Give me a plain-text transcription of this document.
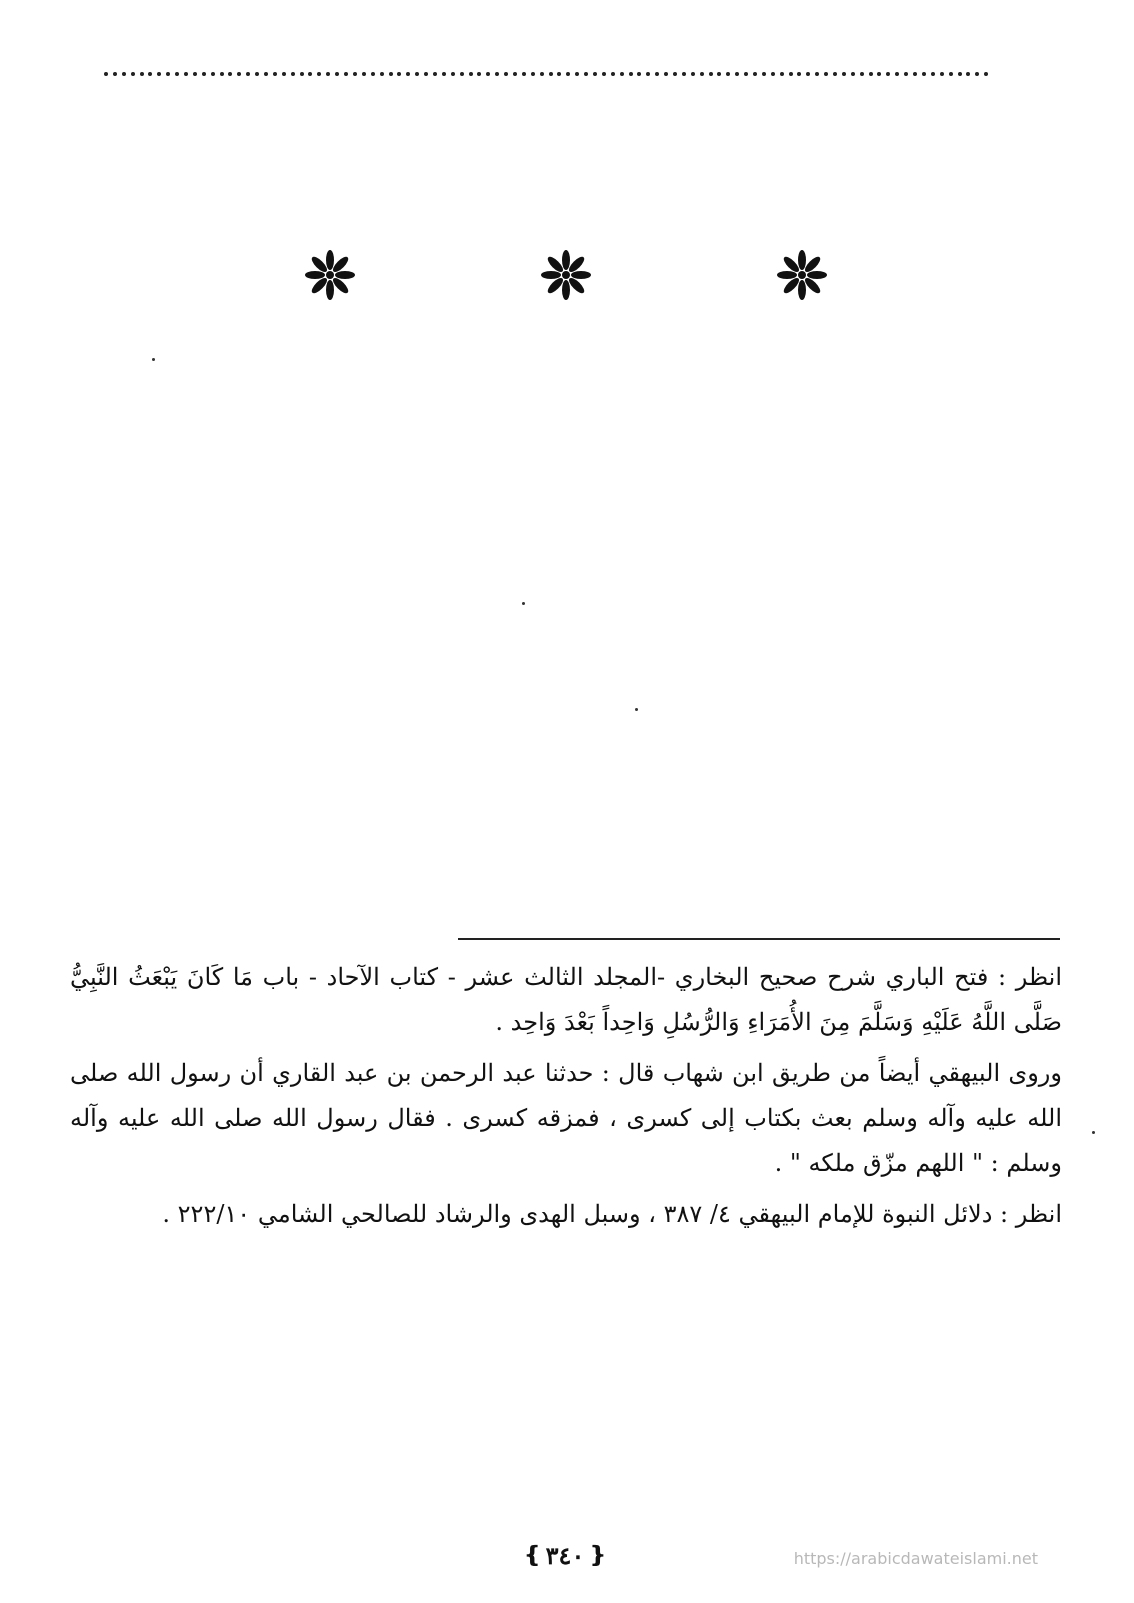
انظر : فتح الباري شرح صحيح البخاري -المجلد الثالث عشر - كتاب الآحاد - باب مَا كَانَ يَبْعَثُ النَّبِيُّ صَلَّى اللَّهُ عَلَيْهِ وَسَلَّمَ مِنَ الأُمَرَاءِ وَالرُّسُلِ وَاحِداً بَعْدَ وَاحِد .

وروى البيهقي أيضاً من طريق ابن شهاب قال : حدثنا عبد الرحمن بن عبد القاري أن رسول الله صلى الله عليه وآله وسلم بعث بكتاب إلى كسرى ، فمزقه كسرى . فقال رسول الله صلى الله عليه وآله وسلم : " اللهم مزّق ملكه " .

انظر : دلائل النبوة للإمام البيهقي ٤/ ٣٨٧ ، وسبل الهدى والرشاد للصالحي الشامي ٢٢٢/١٠ .

❴ ٣٤٠ ❵	https://arabicdawateislami.net
